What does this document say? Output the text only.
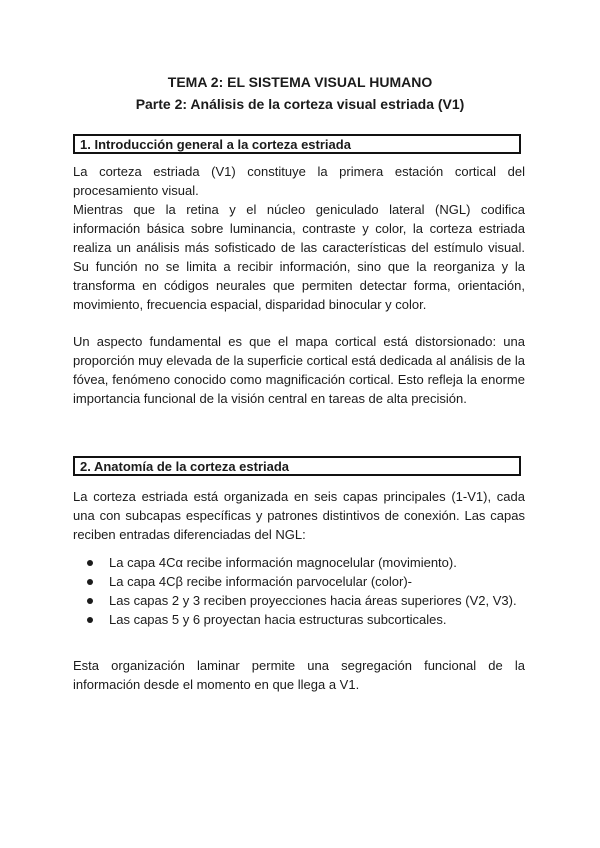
TEMA 2: EL SISTEMA VISUAL HUMANO

Parte 2: Análisis de la corteza visual estriada (V1)

1. Introducción general a la corteza estriada

La corteza estriada (V1) constituye la primera estación cortical del procesamiento visual.

Mientras que la retina y el núcleo geniculado lateral (NGL) codifica información básica sobre luminancia, contraste y color, la corteza estriada realiza un análisis más sofisticado de las características del estímulo visual. Su función no se limita a recibir información, sino que la reorganiza y la transforma en códigos neurales que permiten detectar forma, orientación, movimiento, frecuencia espacial, disparidad binocular y color.

Un aspecto fundamental es que el mapa cortical está distorsionado: una proporción muy elevada de la superficie cortical está dedicada al análisis de la fóvea, fenómeno conocido como magnificación cortical. Esto refleja la enorme importancia funcional de la visión central en tareas de alta precisión.

2. Anatomía de la corteza estriada

La corteza estriada está organizada en seis capas principales (1-V1), cada una con subcapas específicas y patrones distintivos de conexión. Las capas reciben entradas diferenciadas del NGL:

La capa 4Cα recibe información magnocelular (movimiento).
La capa 4Cβ recibe información parvocelular (color)-
Las capas 2 y 3 reciben proyecciones hacia áreas superiores (V2, V3).
Las capas 5 y 6 proyectan hacia estructuras subcorticales.

Esta organización laminar permite una segregación funcional de la información desde el momento en que llega a V1.
